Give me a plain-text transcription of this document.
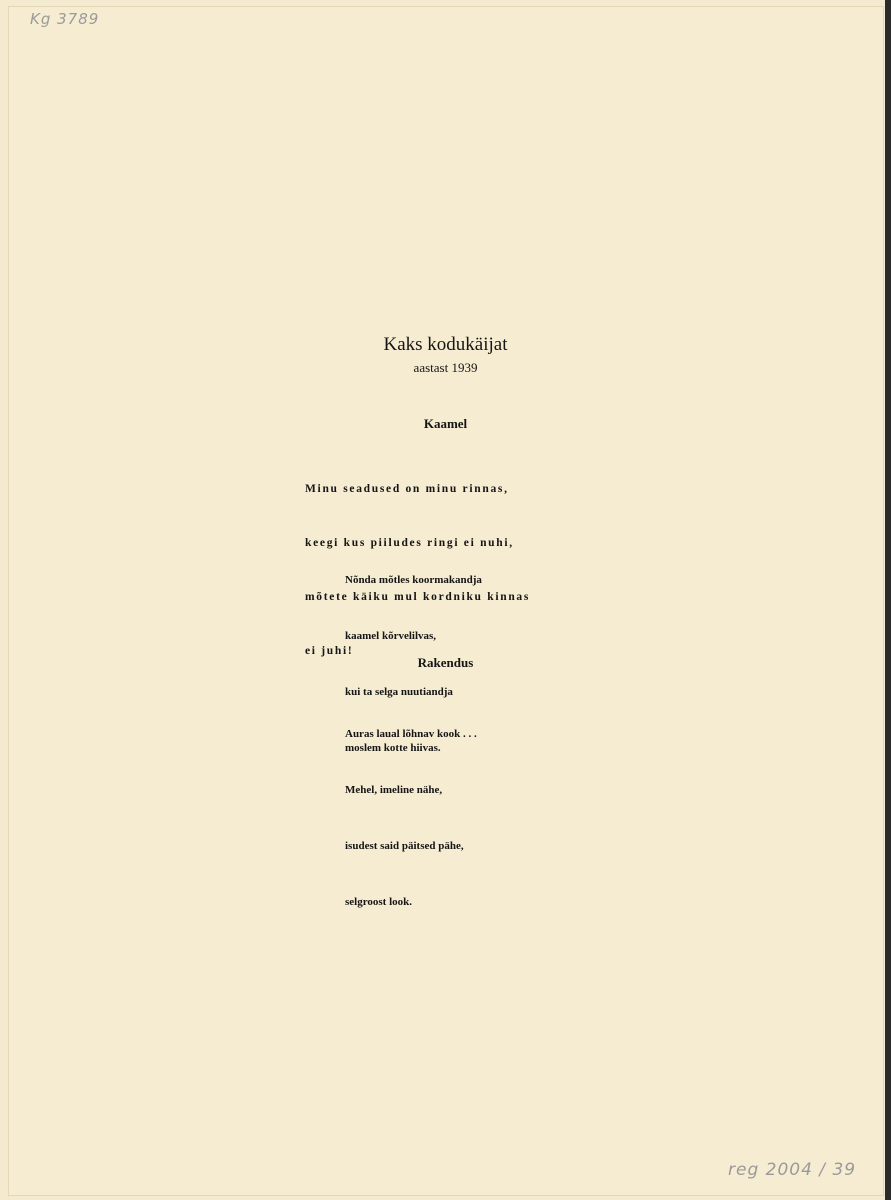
Kg 3789
reg 2004 / 39
Kaks kodukäijat
aastast 1939
Kaamel

Minu seadused on minu rinnas,

keegi kus piiludes ringi ei nuhi,

mõtete käiku mul kordniku kinnas

ei juhi!

Nõnda mõtles koormakandja

kaamel kõrvelilvas,

kui ta selga nuutiandja

moslem kotte hiivas.

Rakendus

Auras laual lõhnav kook . . .

Mehel, imeline nähe,

isudest said päitsed pähe,

selgroost look.
